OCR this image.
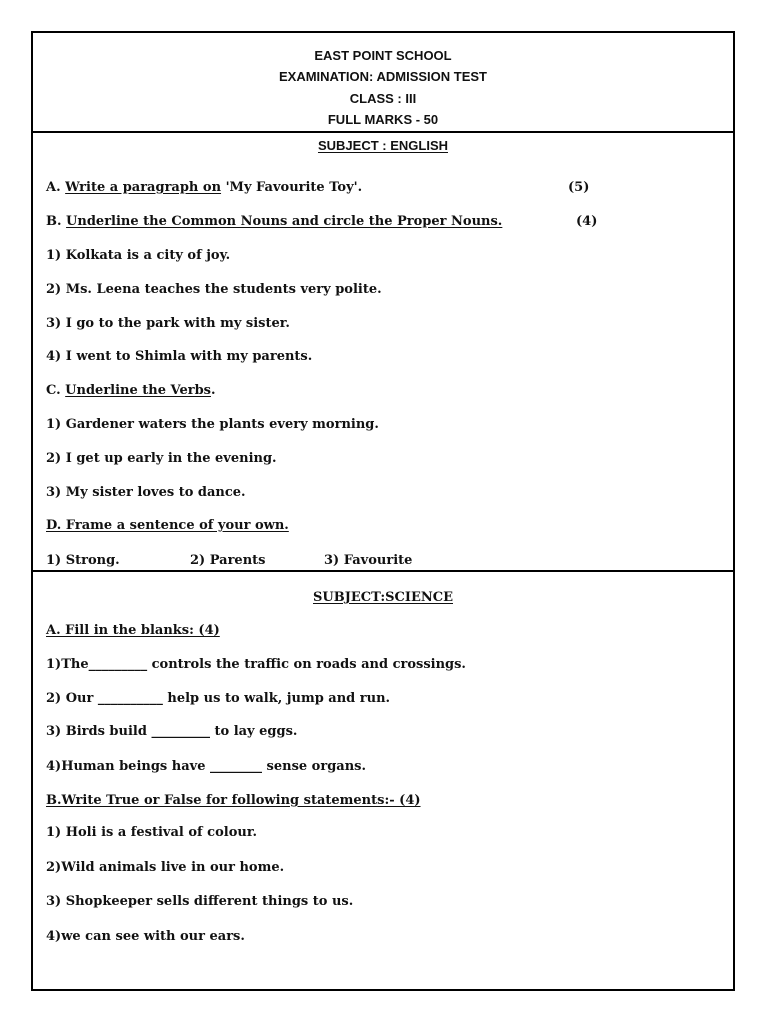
EAST POINT SCHOOL
EXAMINATION: ADMISSION TEST
CLASS : III
FULL MARKS - 50
SUBJECT : ENGLISH
A. Write a paragraph on 'My Favourite Toy'.	(5)
B. Underline the Common Nouns and circle the Proper Nouns.	(4)
1) Kolkata is a city of joy.
2) Ms. Leena teaches the students very polite.
3) I go to the park with my sister.
4) I went to Shimla with my parents.
C. Underline the Verbs.
1) Gardener waters the plants every morning.
2) I get up early in the evening.
3) My sister loves to dance.
D. Frame a sentence of your own.
1) Strong.	2) Parents	3) Favourite
SUBJECT:SCIENCE
A. Fill in the blanks: (4)
1)The_________ controls the traffic on roads and crossings.
2) Our __________ help us to walk, jump and run.
3) Birds build _________ to lay eggs.
4)Human beings have ________ sense organs.
B.Write True or False for following statements:- (4)
1) Holi is a festival of colour.
2)Wild animals live in our home.
3) Shopkeeper sells different things to us.
4)we can see with our ears.
